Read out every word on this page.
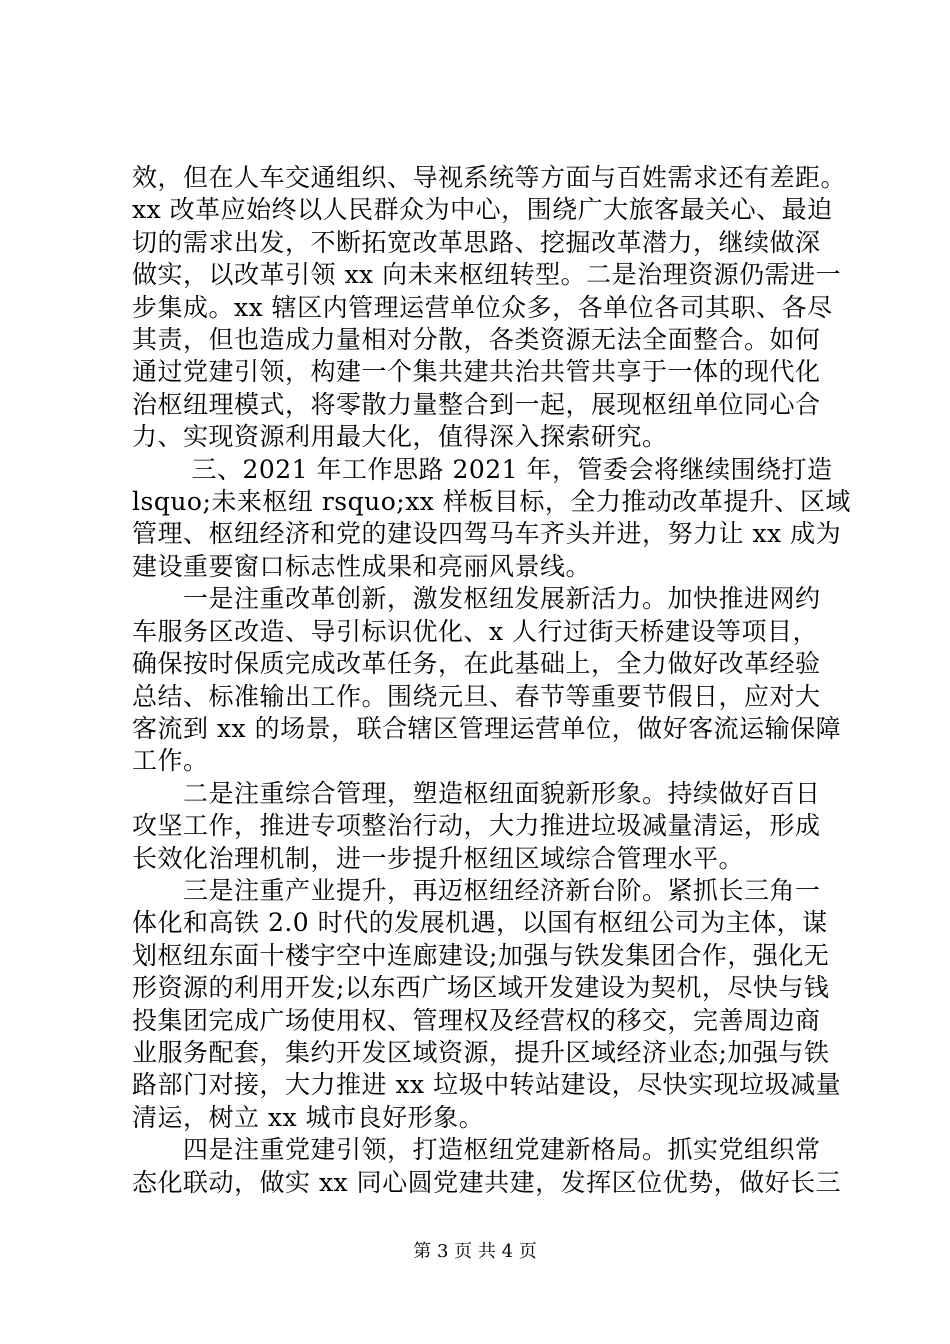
效，但在人车交通组织、导视系统等方面与百姓需求还有差距。
xx 改革应始终以人民群众为中心，围绕广大旅客最关心、最迫
切的需求出发，不断拓宽改革思路、挖掘改革潜力，继续做深
做实，以改革引领 xx 向未来枢纽转型。二是治理资源仍需进一
步集成。xx 辖区内管理运营单位众多，各单位各司其职、各尽
其责，但也造成力量相对分散，各类资源无法全面整合。如何
通过党建引领，构建一个集共建共治共管共享于一体的现代化
治枢纽理模式，将零散力量整合到一起，展现枢纽单位同心合
力、实现资源利用最大化，值得深入探索研究。

　　 三、2021 年工作思路 2021 年，管委会将继续围绕打造
lsquo;未来枢纽 rsquo;xx 样板目标，全力推动改革提升、区域
管理、枢纽经济和党的建设四驾马车齐头并进，努力让 xx 成为
建设重要窗口标志性成果和亮丽风景线。

　　一是注重改革创新，激发枢纽发展新活力。加快推进网约
车服务区改造、导引标识优化、x 人行过街天桥建设等项目，
确保按时保质完成改革任务，在此基础上，全力做好改革经验
总结、标准输出工作。围绕元旦、春节等重要节假日，应对大
客流到 xx 的场景，联合辖区管理运营单位，做好客流运输保障
工作。

　　二是注重综合管理，塑造枢纽面貌新形象。持续做好百日
攻坚工作，推进专项整治行动，大力推进垃圾减量清运，形成
长效化治理机制，进一步提升枢纽区域综合管理水平。

　　三是注重产业提升，再迈枢纽经济新台阶。紧抓长三角一
体化和高铁 2.0 时代的发展机遇，以国有枢纽公司为主体，谋
划枢纽东面十楼宇空中连廊建设;加强与铁发集团合作，强化无
形资源的利用开发;以东西广场区域开发建设为契机，尽快与钱
投集团完成广场使用权、管理权及经营权的移交，完善周边商
业服务配套，集约开发区域资源，提升区域经济业态;加强与铁
路部门对接，大力推进 xx 垃圾中转站建设，尽快实现垃圾减量
清运，树立 xx 城市良好形象。

　　四是注重党建引领，打造枢纽党建新格局。抓实党组织常
态化联动，做实 xx 同心圆党建共建，发挥区位优势，做好长三

第 3 页 共 4 页
